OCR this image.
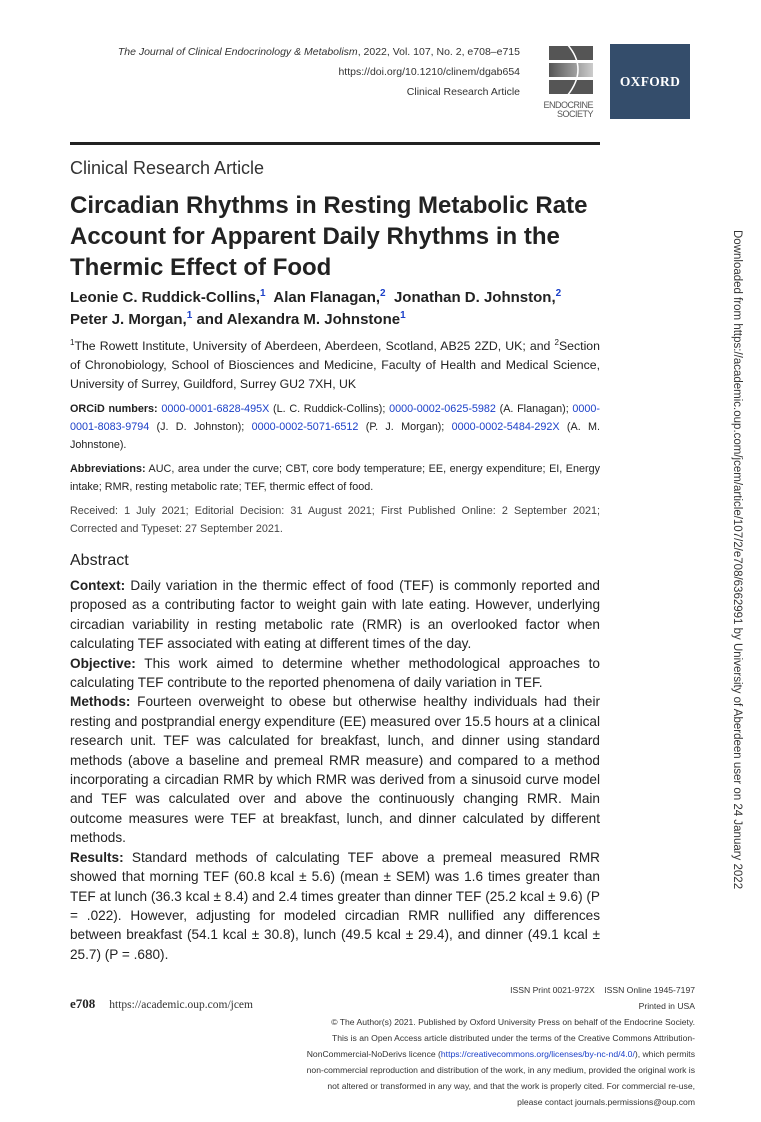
The Journal of Clinical Endocrinology & Metabolism, 2022, Vol. 107, No. 2, e708–e715
https://doi.org/10.1210/clinem/dgab654
Clinical Research Article
ENDOCRINE
SOCIETY
OXFORD
Clinical Research Article
Circadian Rhythms in Resting Metabolic Rate Account for Apparent Daily Rhythms in the Thermic Effect of Food
Leonie C. Ruddick-Collins,$^1$ Alan Flanagan,$^2$ Jonathan D. Johnston,$^2$ Peter J. Morgan,$^1$ and Alexandra M. Johnstone$^1$
$^1$The Rowett Institute, University of Aberdeen, Aberdeen, Scotland, AB25 2ZD, UK; and $^2$Section of Chronobiology, School of Biosciences and Medicine, Faculty of Health and Medical Science, University of Surrey, Guildford, Surrey GU2 7XH, UK
ORCiD numbers: 0000-0001-6828-495X (L. C. Ruddick-Collins); 0000-0002-0625-5982 (A. Flanagan); 0000-0001-8083-9794 (J. D. Johnston); 0000-0002-5071-6512 (P. J. Morgan); 0000-0002-5484-292X (A. M. Johnstone).
Abbreviations: AUC, area under the curve; CBT, core body temperature; EE, energy expenditure; EI, Energy intake; RMR, resting metabolic rate; TEF, thermic effect of food.
Received: 1 July 2021; Editorial Decision: 31 August 2021; First Published Online: 2 September 2021; Corrected and Typeset: 27 September 2021.
Abstract

Context: Daily variation in the thermic effect of food (TEF) is commonly reported and proposed as a contributing factor to weight gain with late eating. However, underlying circadian variability in resting metabolic rate (RMR) is an overlooked factor when calculating TEF associated with eating at different times of the day.

Objective: This work aimed to determine whether methodological approaches to calculating TEF contribute to the reported phenomena of daily variation in TEF.

Methods: Fourteen overweight to obese but otherwise healthy individuals had their resting and postprandial energy expenditure (EE) measured over 15.5 hours at a clinical research unit. TEF was calculated for breakfast, lunch, and dinner using standard methods (above a baseline and premeal RMR measure) and compared to a method incorporating a circadian RMR by which RMR was derived from a sinusoid curve model and TEF was calculated over and above the continuously changing RMR. Main outcome measures were TEF at breakfast, lunch, and dinner calculated by different methods.

Results: Standard methods of calculating TEF above a premeal measured RMR showed that morning TEF (60.8 kcal ± 5.6) (mean ± SEM) was 1.6 times greater than TEF at lunch (36.3 kcal ± 8.4) and 2.4 times greater than dinner TEF (25.2 kcal ± 9.6) (P = .022). However, adjusting for modeled circadian RMR nullified any differences between breakfast (54.1 kcal ± 30.8), lunch (49.5 kcal ± 29.4), and dinner (49.1 kcal ± 25.7) (P = .680).

e708 https://academic.oup.com/jcem
ISSN Print 0021-972X    ISSN Online 1945-7197
Printed in USA
© The Author(s) 2021. Published by Oxford University Press on behalf of the Endocrine Society.
This is an Open Access article distributed under the terms of the Creative Commons Attribution-NonCommercial-NoDerivs licence (https://creativecommons.org/licenses/by-nc-nd/4.0/), which permits non-commercial reproduction and distribution of the work, in any medium, provided the original work is not altered or transformed in any way, and that the work is properly cited. For commercial re-use, please contact journals.permissions@oup.com
Downloaded from https://academic.oup.com/jcem/article/107/2/e708/6362991 by University of Aberdeen user on 24 January 2022
